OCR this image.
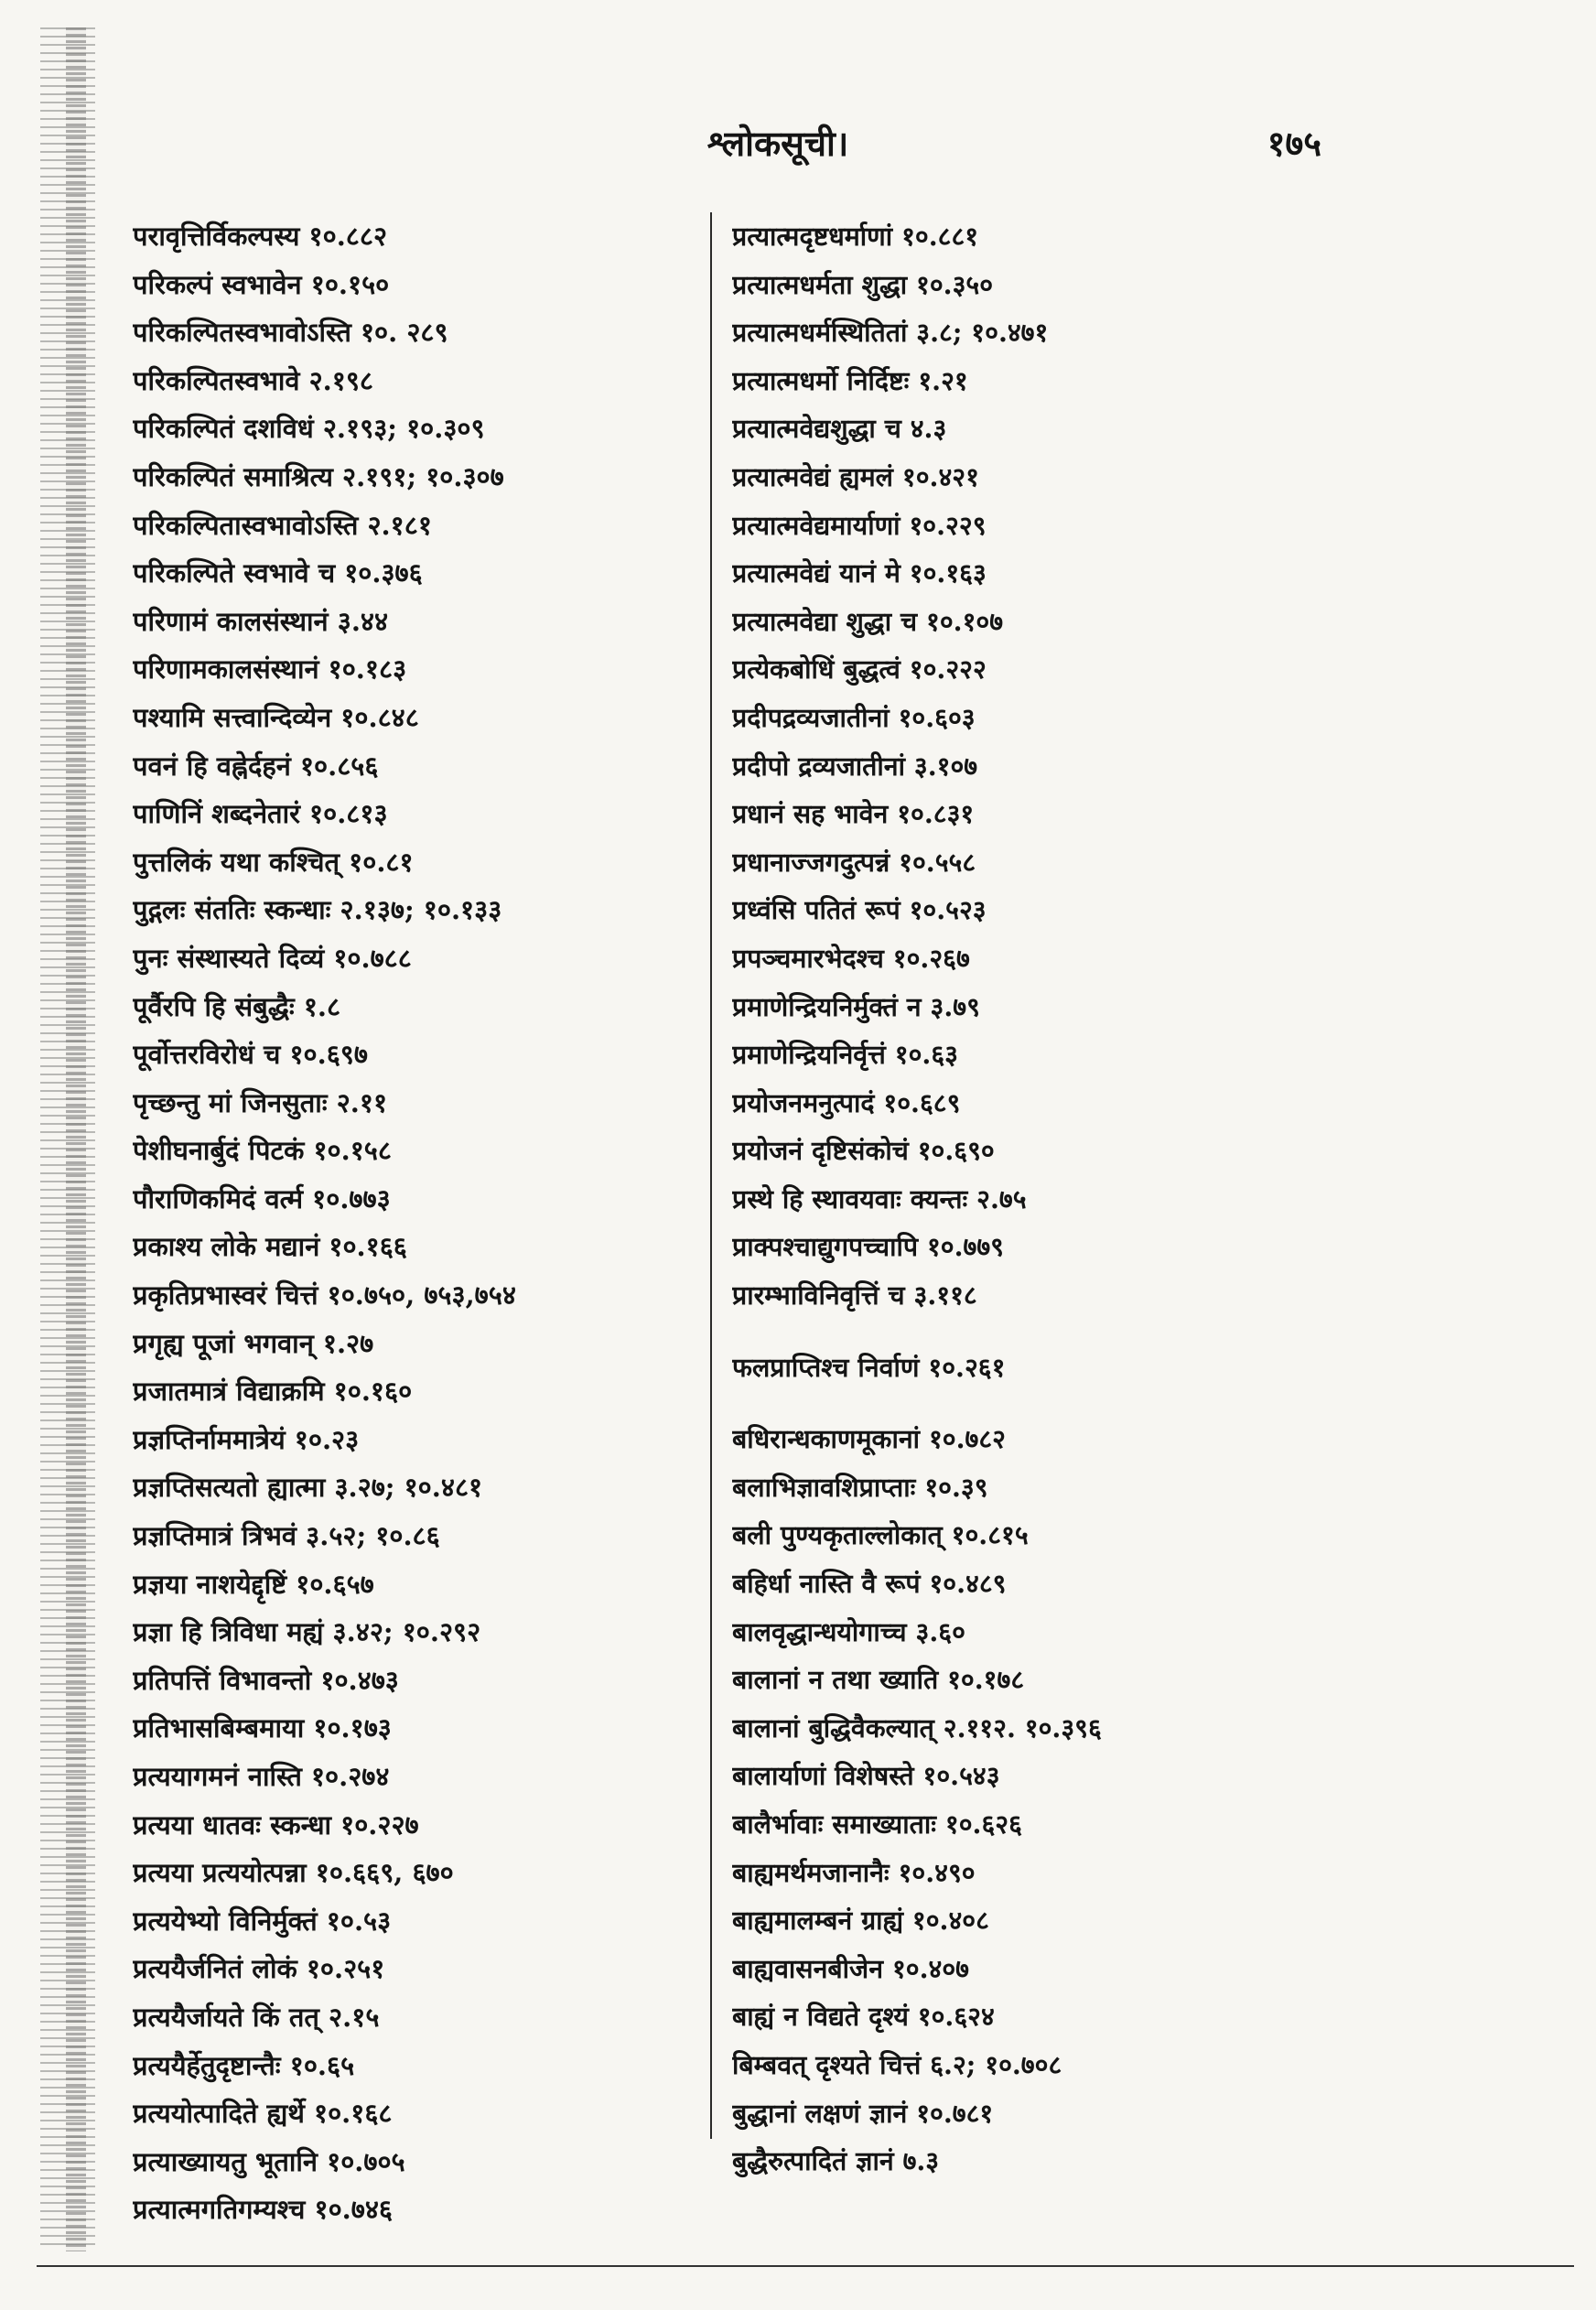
श्लोकसूची।	१७५
परावृत्तिर्विकल्पस्य १०.८८२
परिकल्पं स्वभावेन १०.१५०
परिकल्पितस्वभावोऽस्ति १०. २८९
परिकल्पितस्वभावे २.१९८
परिकल्पितं दशविधं २.१९३; १०.३०९
परिकल्पितं समाश्रित्य २.१९१; १०.३०७
परिकल्पितास्वभावोऽस्ति २.१८१
परिकल्पिते स्वभावे च १०.३७६
परिणामं कालसंस्थानं ३.४४
परिणामकालसंस्थानं १०.१८३
पश्यामि सत्त्वान्दिव्येन १०.८४८
पवनं हि वह्नेर्दहनं १०.८५६
पाणिनिं शब्दनेतारं १०.८१३
पुत्तलिकं यथा कश्चित् १०.८१
पुद्गलः संततिः स्कन्धाः २.१३७; १०.१३३
पुनः संस्थास्यते दिव्यं १०.७८८
पूर्वैरपि हि संबुद्धैः १.८
पूर्वोत्तरविरोधं च १०.६९७
पृच्छन्तु मां जिनसुताः २.११
पेशीघनार्बुदं पिटकं १०.१५८
पौराणिकमिदं वर्त्म १०.७७३
प्रकाश्य लोके मद्यानं १०.१६६
प्रकृतिप्रभास्वरं चित्तं १०.७५०, ७५३,७५४
प्रगृह्य पूजां भगवान् १.२७
प्रजातमात्रं विद्याक्रमि १०.१६०
प्रज्ञप्तिर्नाममात्रेयं १०.२३
प्रज्ञप्तिसत्यतो ह्यात्मा ३.२७; १०.४८१
प्रज्ञप्तिमात्रं त्रिभवं ३.५२; १०.८६
प्रज्ञया नाशयेद्दृष्टिं १०.६५७
प्रज्ञा हि त्रिविधा मह्यं ३.४२; १०.२९२
प्रतिपत्तिं विभावन्तो १०.४७३
प्रतिभासबिम्बमाया १०.१७३
प्रत्ययागमनं नास्ति १०.२७४
प्रत्यया धातवः स्कन्धा १०.२२७
प्रत्यया प्रत्ययोत्पन्ना १०.६६९, ६७०
प्रत्ययेभ्यो विनिर्मुक्तं १०.५३
प्रत्ययैर्जनितं लोकं १०.२५१
प्रत्ययैर्जायते किं तत् २.१५
प्रत्ययैर्हेतुदृष्टान्तैः १०.६५
प्रत्ययोत्पादिते ह्यर्थे १०.१६८
प्रत्याख्यायतु भूतानि १०.७०५
प्रत्यात्मगतिगम्यश्च १०.७४६
प्रत्यात्मदृष्टधर्माणां १०.८८१
प्रत्यात्मधर्मता शुद्धा १०.३५०
प्रत्यात्मधर्मस्थितितां ३.८; १०.४७१
प्रत्यात्मधर्मो निर्दिष्टः १.२१
प्रत्यात्मवेद्यशुद्धा च ४.३
प्रत्यात्मवेद्यं ह्यमलं १०.४२१
प्रत्यात्मवेद्यमार्याणां १०.२२९
प्रत्यात्मवेद्यं यानं मे १०.१६३
प्रत्यात्मवेद्या शुद्धा च १०.१०७
प्रत्येकबोधिं बुद्धत्वं १०.२२२
प्रदीपद्रव्यजातीनां १०.६०३
प्रदीपो द्रव्यजातीनां ३.१०७
प्रधानं सह भावेन १०.८३१
प्रधानाज्जगदुत्पन्नं १०.५५८
प्रध्वंसि पतितं रूपं १०.५२३
प्रपञ्चमारभेदश्च १०.२६७
प्रमाणेन्द्रियनिर्मुक्तं न ३.७९
प्रमाणेन्द्रियनिर्वृत्तं १०.६३
प्रयोजनमनुत्पादं १०.६८९
प्रयोजनं दृष्टिसंकोचं १०.६९०
प्रस्थे हि स्थावयवाः क्यन्तः २.७५
प्राक्पश्चाद्युगपच्चापि १०.७७९
प्रारम्भाविनिवृत्तिं च ३.११८
फलप्राप्तिश्च निर्वाणं १०.२६१
बधिरान्धकाणमूकानां १०.७८२
बलाभिज्ञावशिप्राप्ताः १०.३९
बली पुण्यकृताल्लोकात् १०.८१५
बहिर्धा नास्ति वै रूपं १०.४८९
बालवृद्धान्धयोगाच्च ३.६०
बालानां न तथा ख्याति १०.१७८
बालानां बुद्धिवैकल्यात् २.११२. १०.३९६
बालार्याणां विशेषस्ते १०.५४३
बालैर्भावाः समाख्याताः १०.६२६
बाह्यमर्थमजानानैः १०.४९०
बाह्यमालम्बनं ग्राह्यं १०.४०८
बाह्यवासनबीजेन १०.४०७
बाह्यं न विद्यते दृश्यं १०.६२४
बिम्बवत् दृश्यते चित्तं ६.२; १०.७०८
बुद्धानां लक्षणं ज्ञानं १०.७८१
बुद्धैरुत्पादितं ज्ञानं ७.३
